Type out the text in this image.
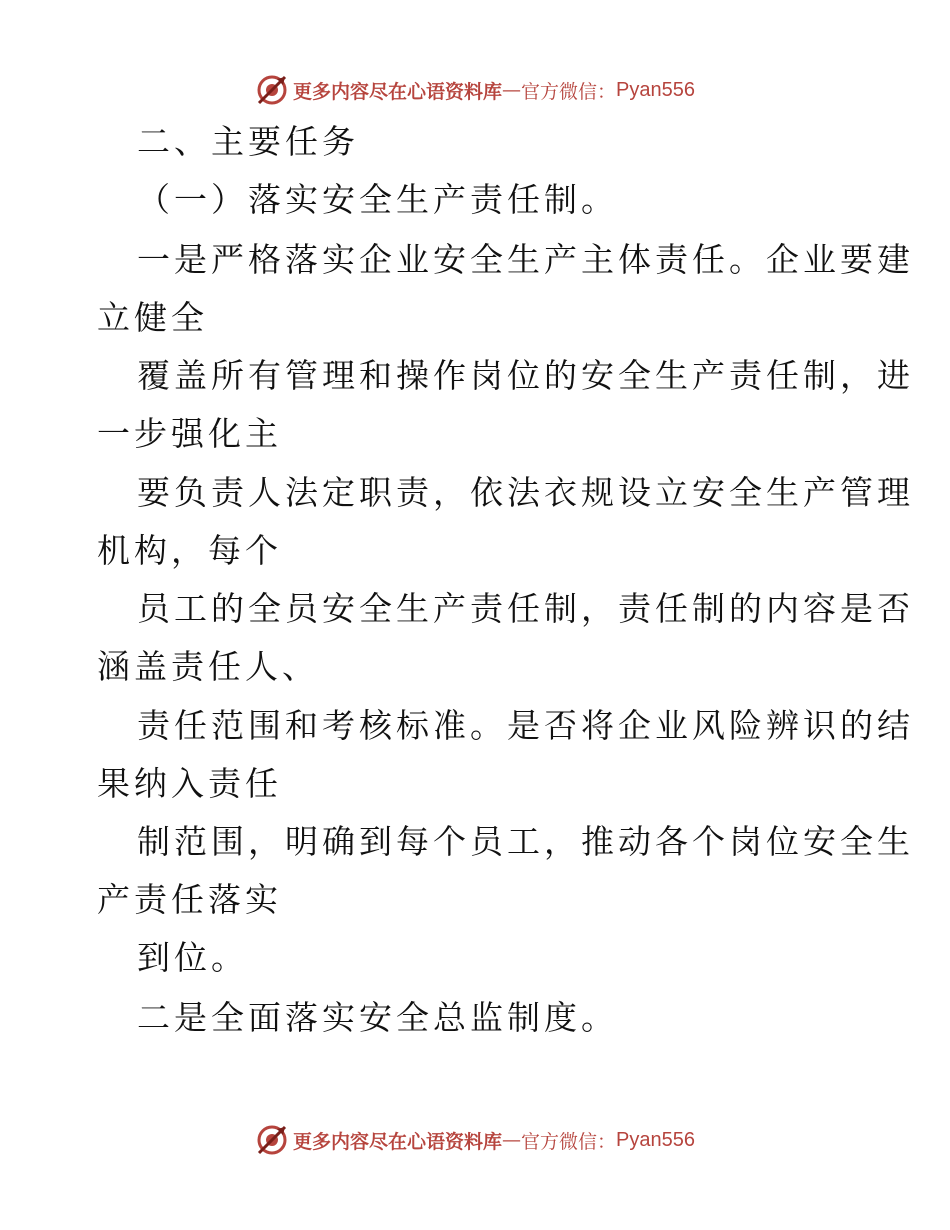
更多内容尽在心语资料库 — 官方微信： Pyan556
二、主要任务
（一）落实安全生产责任制。
一是严格落实企业安全生产主体责任。企业要建
立健全
覆盖所有管理和操作岗位的安全生产责任制，进
一步强化主
要负责人法定职责，依法衣规设立安全生产管理
机构，每个
员工的全员安全生产责任制，责任制的内容是否
涵盖责任人、
责任范围和考核标准。是否将企业风险辨识的结
果纳入责任
制范围，明确到每个员工，推动各个岗位安全生
产责任落实
到位。
二是全面落实安全总监制度。
更多内容尽在心语资料库 — 官方微信： Pyan556
